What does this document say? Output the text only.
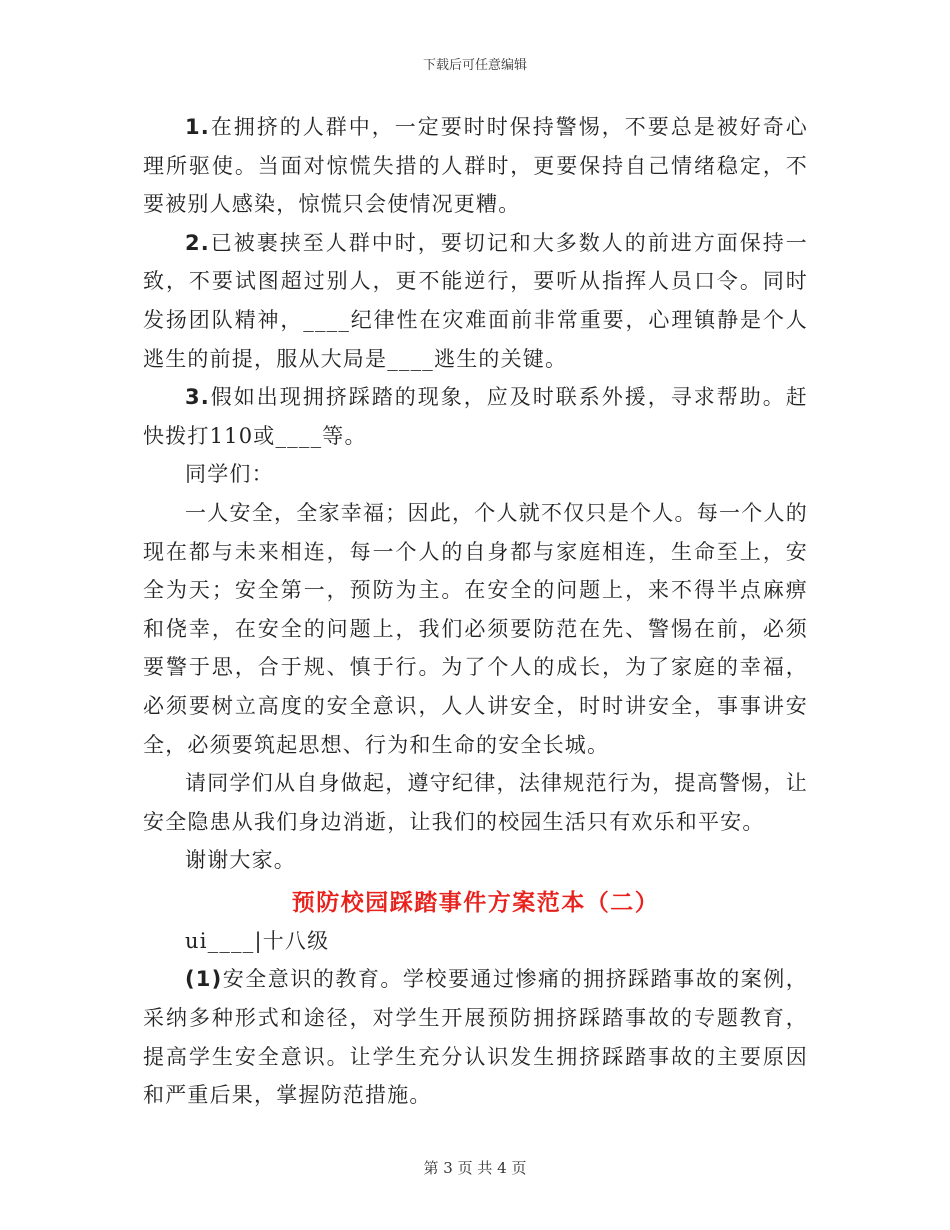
下载后可任意编辑

1.在拥挤的人群中，一定要时时保持警惕，不要总是被好奇心理所驱使。当面对惊慌失措的人群时，更要保持自己情绪稳定，不要被别人感染，惊慌只会使情况更糟。

2.已被裹挟至人群中时，要切记和大多数人的前进方面保持一致，不要试图超过别人，更不能逆行，要听从指挥人员口令。同时发扬团队精神，____纪律性在灾难面前非常重要，心理镇静是个人逃生的前提，服从大局是____逃生的关键。

3.假如出现拥挤踩踏的现象，应及时联系外援，寻求帮助。赶快拨打110或____等。

同学们：

一人安全，全家幸福；因此，个人就不仅只是个人。每一个人的现在都与未来相连，每一个人的自身都与家庭相连，生命至上，安全为天；安全第一，预防为主。在安全的问题上，来不得半点麻痹和侥幸，在安全的问题上，我们必须要防范在先、警惕在前，必须要警于思，合于规、慎于行。为了个人的成长，为了家庭的幸福，必须要树立高度的安全意识，人人讲安全，时时讲安全，事事讲安全，必须要筑起思想、行为和生命的安全长城。

请同学们从自身做起，遵守纪律，法律规范行为，提高警惕，让安全隐患从我们身边消逝，让我们的校园生活只有欢乐和平安。

谢谢大家。

预防校园踩踏事件方案范本（二）

ui____|十八级

(1)安全意识的教育。学校要通过惨痛的拥挤踩踏事故的案例，采纳多种形式和途径，对学生开展预防拥挤踩踏事故的专题教育，提高学生安全意识。让学生充分认识发生拥挤踩踏事故的主要原因和严重后果，掌握防范措施。

第 3 页 共 4 页
